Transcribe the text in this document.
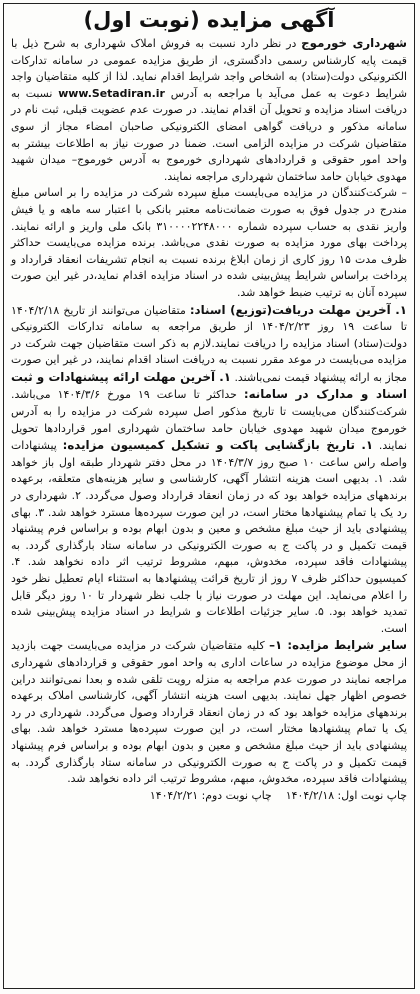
آگهی مزایده (نوبت اول)

شهرداری خورموج در نظر دارد نسبت به فروش املاک شهرداری به شرح ذیل با قیمت پایه کارشناس رسمی دادگستری، از طریق مزایده عمومی در سامانه تدارکات الکترونیکی دولت(ستاد) به اشخاص واجد شرایط اقدام نماید. لذا از کلیه متقاضیان واجد شرایط دعوت به عمل می‌آید با مراجعه به آدرس www.Setadiran.ir نسبت به دریافت اسناد مزایده و تحویل آن اقدام نمایند. در صورت عدم عضویت قبلی، ثبت نام در سامانه مذکور و دریافت گواهی امضای الکترونیکی صاحبان امضاء مجاز از سوی متقاضیان شرکت در مزایده الزامی است. ضمنا در صورت نیاز به اطلاعات بیشتر به واحد امور حقوقی و قراردادهای شهرداری خورموج به آدرس خورموج– میدان شهید مهدوی خیابان حامد ساختمان شهرداری مراجعه نمایند.

– شرکت‌کنندگان در مزایده می‌بایست مبلغ سپرده شرکت در مزایده را بر اساس مبلغ مندرج در جدول فوق به صورت ضمانت‌نامه معتبر بانکی با اعتبار سه ماهه و یا فیش واریز نقدی به حساب سپرده شماره ۳۱۰۰۰۰۲۲۴۸۰۰۰ بانک ملی واریز و ارائه نمایند. پرداخت بهای مورد مزایده به صورت نقدی می‌باشد. برنده مزایده می‌بایست حداکثر ظرف مدت ۱۵ روز کاری از زمان ابلاغ برنده نسبت به انجام تشریفات انعقاد قرارداد و پرداخت براساس شرایط پیش‌بینی شده در اسناد مزایده اقدام نماید،در غیر این صورت سپرده آنان به ترتیب ضبط خواهد شد.

۱. آخرین مهلت دریافت(توزیع) اسناد: متقاضیان می‌توانند از تاریخ ۱۴۰۴/۲/۱۸ تا ساعت ۱۹ روز ۱۴۰۴/۲/۲۳ از طریق مراجعه به سامانه تدارکات الکترونیکی دولت(ستاد) اسناد مزایده را دریافت نمایند.لازم به ذکر است متقاضیان جهت شرکت در مزایده می‌بایست در موعد مقرر نسبت به دریافت اسناد اقدام نمایند، در غیر این صورت مجاز به ارائه پیشنهاد قیمت نمی‌باشند. ۱. آخرین مهلت ارائه پیشنهادات و ثبت اسناد و مدارک در سامانه: حداکثر تا ساعت ۱۹ مورخ ۱۴۰۴/۳/۶ می‌باشد. شرکت‌کنندگان می‌بایست تا تاریخ مذکور اصل سپرده شرکت در مزایده را به آدرس خورموج میدان شهید مهدوی خیابان حامد ساختمان شهرداری امور قراردادها تحویل نمایند. ۱. تاریخ بازگشایی پاکت و تشکیل کمیسیون مزایده: پیشنهادات واصله راس ساعت ۱۰ صبح روز ۱۴۰۴/۳/۷ در محل دفتر شهردار طبقه اول باز خواهد شد. ۱. بدیهی است هزینه انتشار آگهی، کارشناسی و سایر هزینه‌های متعلقه، برعهده برندههای مزایده خواهد بود که در زمان انعقاد قرارداد وصول می‌گردد. ۲. شهرداری در رد یک یا تمام پیشنهادها مختار است، در این صورت سپرده‌ها مسترد خواهد شد. ۳. بهای پیشنهادی باید از حیث مبلغ مشخص و معین و بدون ابهام بوده و براساس فرم پیشنهاد قیمت تکمیل و در پاکت ج به صورت الکترونیکی در سامانه ستاد بارگذاری گردد. به پیشنهادات فاقد سپرده، مخدوش، مبهم، مشروط ترتیب اثر داده نخواهد شد. ۴. کمیسیون حداکثر ظرف ۷ روز از تاریخ قرائت پیشنهادها به استثناء ایام تعطیل نظر خود را اعلام می‌نماید. این مهلت در صورت نیاز با جلب نظر شهردار تا ۱۰ روز دیگر قابل تمدید خواهد بود. ۵. سایر جزئیات اطلاعات و شرایط در اسناد مزایده پیش‌بینی شده است.

سایر شرایط مزایده: ۱– کلیه متقاضیان شرکت در مزایده می‌بایست جهت بازدید از محل موضوع مزایده در ساعات اداری به واحد امور حقوقی و قراردادهای شهرداری مراجعه نمایند در صورت عدم مراجعه به منزله رویت تلقی شده و بعدا نمی‌توانند دراین خصوص اظهار جهل نمایند. بدیهی است هزینه انتشار آگهی، کارشناسی املاک برعهده برندههای مزایده خواهد بود که در زمان انعقاد قرارداد وصول می‌گردد. شهرداری در رد یک یا تمام پیشنهادها مختار است، در این صورت سپرده‌ها مسترد خواهد شد. بهای پیشنهادی باید از حیث مبلغ مشخص و معین و بدون ابهام بوده و براساس فرم پیشنهاد قیمت تکمیل و در پاکت ج به صورت الکترونیکی در سامانه ستاد بارگذاری گردد. به پیشنهادات فاقد سپرده، مخدوش، مبهم، مشروط ترتیب اثر داده نخواهد شد.

چاپ نوبت اول: ۱۴۰۴/۲/۱۸چاپ نوبت دوم: ۱۴۰۴/۲/۲۱
